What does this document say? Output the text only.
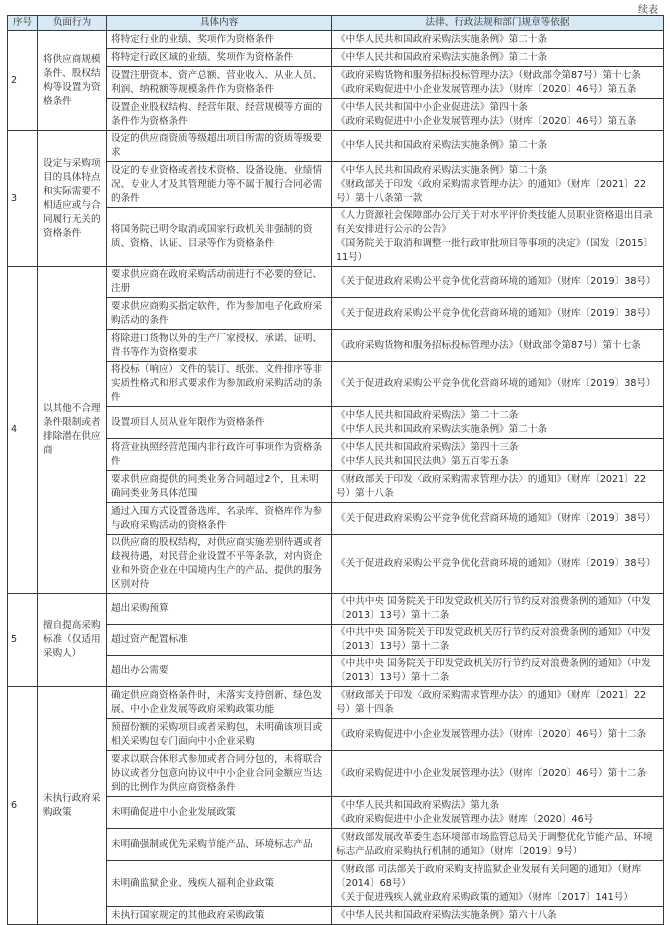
续表
序号	负面行为	具体内容	法律、行政法规和部门规章等依据
2	将供应商规模条件、股权结构等设置为资格条件	将特定行业的业绩、奖项作为资格条件	《中华人民共和国政府采购法实施条例》第二十条

		将特定行政区域的业绩、奖项作为资格条件	《中华人民共和国政府采购法实施条例》第二十条

		设置注册资本、资产总额、营业收入、从业人员、利润、纳税额等规模条件作为资格条件	《政府采购货物和服务招标投标管理办法》（财政部令第87号）第十七条
《政府采购促进中小企业发展管理办法》（财库〔2020〕46号）第五条

		设置企业股权结构、经营年限、经营规模等方面的条件作为资格条件	《中华人民共和国中小企业促进法》第四十条
《政府采购促进中小企业发展管理办法》（财库〔2020〕46号）第五条

3	设定与采购项目的具体特点和实际需要不相适应或与合同履行无关的资格条件	设定的供应商资质等级超出项目所需的资质等级要求	《中华人民共和国政府采购法实施条例》第二十条

		设定的专业资格或者技术资格、设备设施、业绩情况、专业人才及其管理能力等不属于履行合同必需的条件	《中华人民共和国政府采购法实施条例》第二十条
《财政部关于印发〈政府采购需求管理办法〉的通知》（财库〔2021〕22号）第十八条第一款

		将国务院已明令取消或国家行政机关非强制的资质、资格、认证、目录等作为资格条件	《人力资源社会保障部办公厅关于对水平评价类技能人员职业资格退出目录有关安排进行公示的公告》
《国务院关于取消和调整一批行政审批项目等事项的决定》（国发〔2015〕11号）

4	以其他不合理条件限制或者排除潜在供应商	要求供应商在政府采购活动前进行不必要的登记、注册	《关于促进政府采购公平竞争优化营商环境的通知》（财库〔2019〕38号）

		要求供应商购买指定软件，作为参加电子化政府采购活动的条件	《关于促进政府采购公平竞争优化营商环境的通知》（财库〔2019〕38号）

		将除进口货物以外的生产厂家授权、承诺、证明、背书等作为资格要求	《政府采购货物和服务招标投标管理办法》（财政部令第87号）第十七条

		将投标（响应）文件的装订、纸张、文件排序等非实质性格式和形式要求作为参加政府采购活动的条件	《关于促进政府采购公平竞争优化营商环境的通知》（财库〔2019〕38号）

		设置项目人员从业年限作为资格条件	《中华人民共和国政府采购法》第二十二条
《中华人民共和国政府采购法实施条例》第二十条

		将营业执照经营范围内非行政许可事项作为资格条件	《中华人民共和国政府采购法》第四十三条
《中华人民共和国民法典》第五百零五条

		要求供应商提供的同类业务合同超过2个，且未明确同类业务具体范围	《财政部关于印发〈政府采购需求管理办法〉的通知》（财库〔2021〕22号）第十八条

		通过入围方式设置备选库、名录库、资格库作为参与政府采购活动的资格条件	《关于促进政府采购公平竞争优化营商环境的通知》（财库〔2019〕38号）

		以供应商的股权结构，对供应商实施差别待遇或者歧视待遇，对民营企业设置不平等条款，对内资企业和外资企业在中国境内生产的产品、提供的服务区别对待	《关于促进政府采购公平竞争优化营商环境的通知》（财库〔2019〕38号）

5	擅自提高采购标准（仅适用采购人）	超出采购预算	《中共中央 国务院关于印发党政机关厉行节约反对浪费条例的通知》（中发〔2013〕13号）第十二条

		超过资产配置标准	《中共中央 国务院关于印发党政机关厉行节约反对浪费条例的通知》（中发〔2013〕13号）第十二条

		超出办公需要	《中共中央 国务院关于印发党政机关厉行节约反对浪费条例的通知》（中发〔2013〕13号）第十二条

6	未执行政府采购政策	确定供应商资格条件时，未落实支持创新、绿色发展、中小企业发展等政府采购政策功能	《财政部关于印发〈政府采购需求管理办法〉的通知》（财库〔2021〕22号）第十四条

		预留份额的采购项目或者采购包，未明确该项目或相关采购包专门面向中小企业采购	《政府采购促进中小企业发展管理办法》（财库〔2020〕46号）第十二条

		要求以联合体形式参加或者合同分包的，未将联合协议或者分包意向协议中中小企业合同金额应当达到的比例作为供应商资格条件	《政府采购促进中小企业发展管理办法》（财库〔2020〕46号）第十二条

		未明确促进中小企业发展政策	《中华人民共和国政府采购法》第九条
《政府采购促进中小企业发展管理办法》财库〔2020〕46号

		未明确强制或优先采购节能产品、环境标志产品	《财政部发展改革委生态环境部市场监管总局关于调整优化节能产品、环境标志产品政府采购执行机制的通知》（财库〔2019〕9号）

		未明确监狱企业、残疾人福利企业政策	《财政部 司法部关于政府采购支持监狱企业发展有关问题的通知》（财库〔2014〕68号）
《关于促进残疾人就业政府采购政策的通知》（财库〔2017〕141号）

		未执行国家规定的其他政府采购政策	《中华人民共和国政府采购法实施条例》第六十八条
